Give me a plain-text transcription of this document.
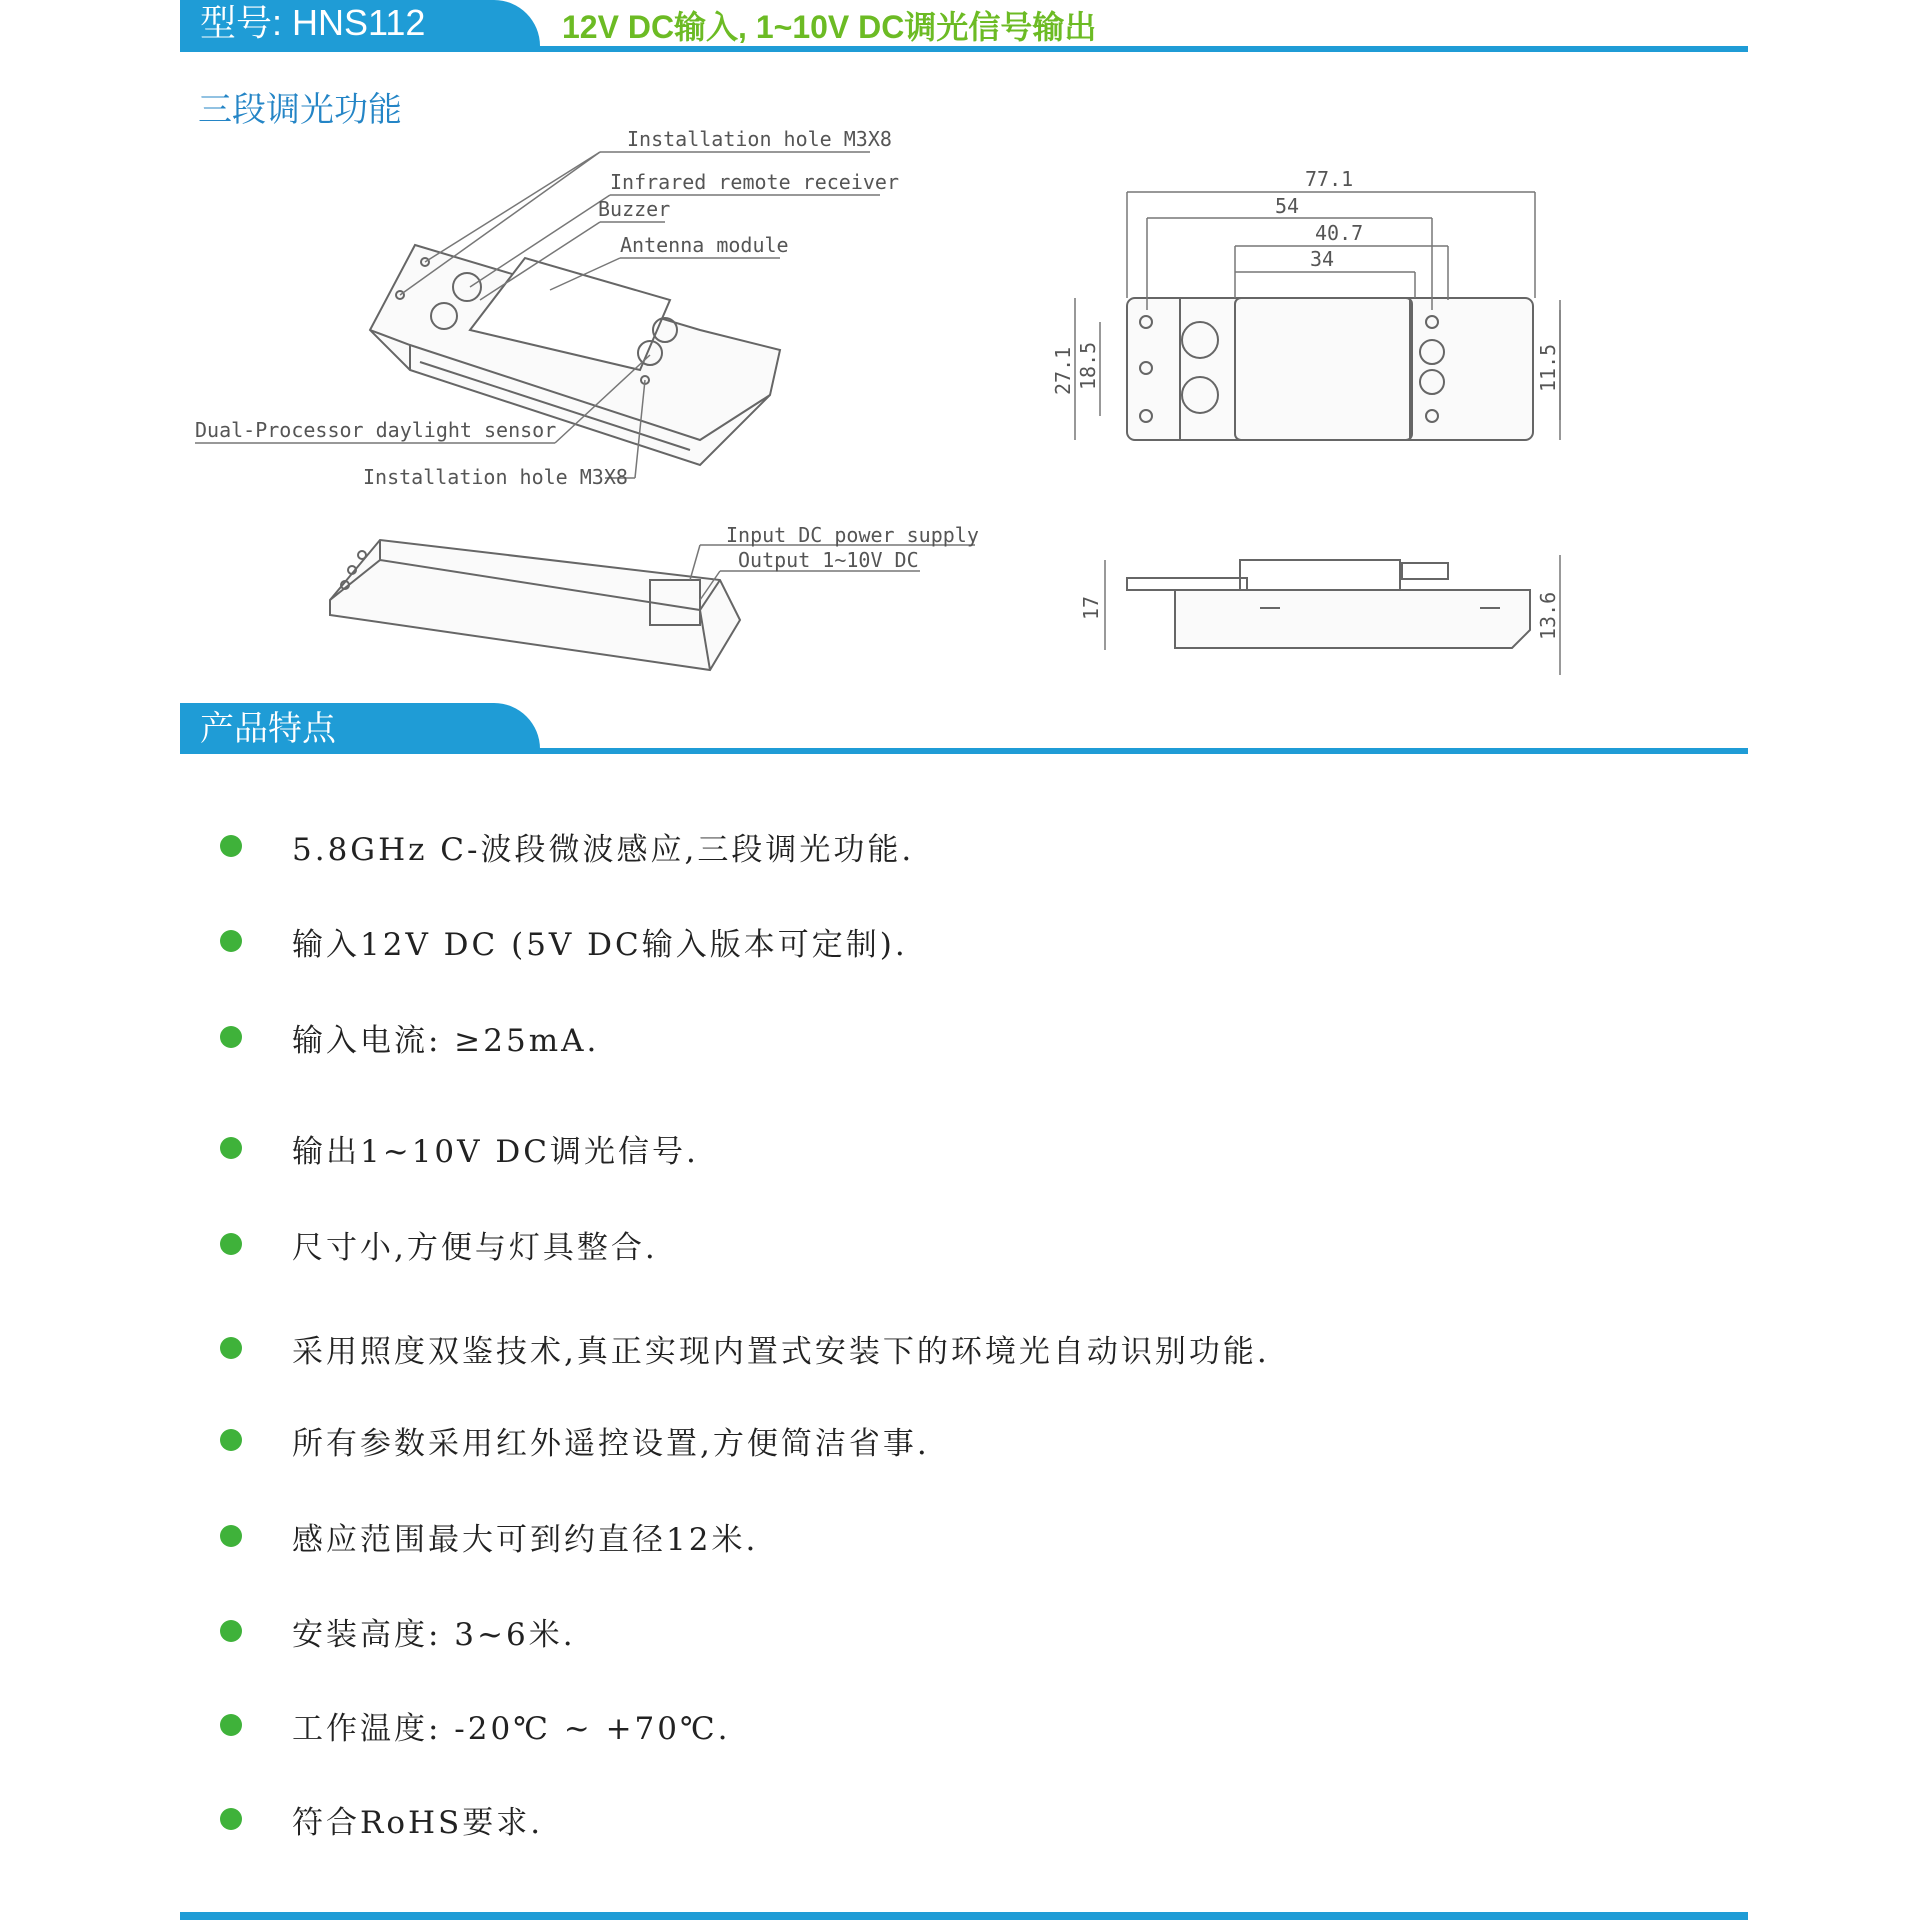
型号: HNS112	12V DC输入, 1~10V DC调光信号输出
三段调光功能
Installation hole M3X8
Infrared remote receiver
Buzzer
Antenna module
Dual-Processor daylight sensor
Installation hole M3X8
Input DC power supply
Output 1~10V DC
77.1
54
40.7
34
27.1 18.5	11.5
17	13.6
产品特点
5.8GHz C-波段微波感应,三段调光功能.
输入12V DC (5V DC输入版本可定制).
输入电流: ≥25mA.
输出1~10V DC调光信号.
尺寸小,方便与灯具整合.
采用照度双鉴技术,真正实现内置式安装下的环境光自动识别功能.
所有参数采用红外遥控设置,方便简洁省事.
感应范围最大可到约直径12米.
安装高度: 3~6米.
工作温度: -20℃ ~ +70℃.
符合RoHS要求.
